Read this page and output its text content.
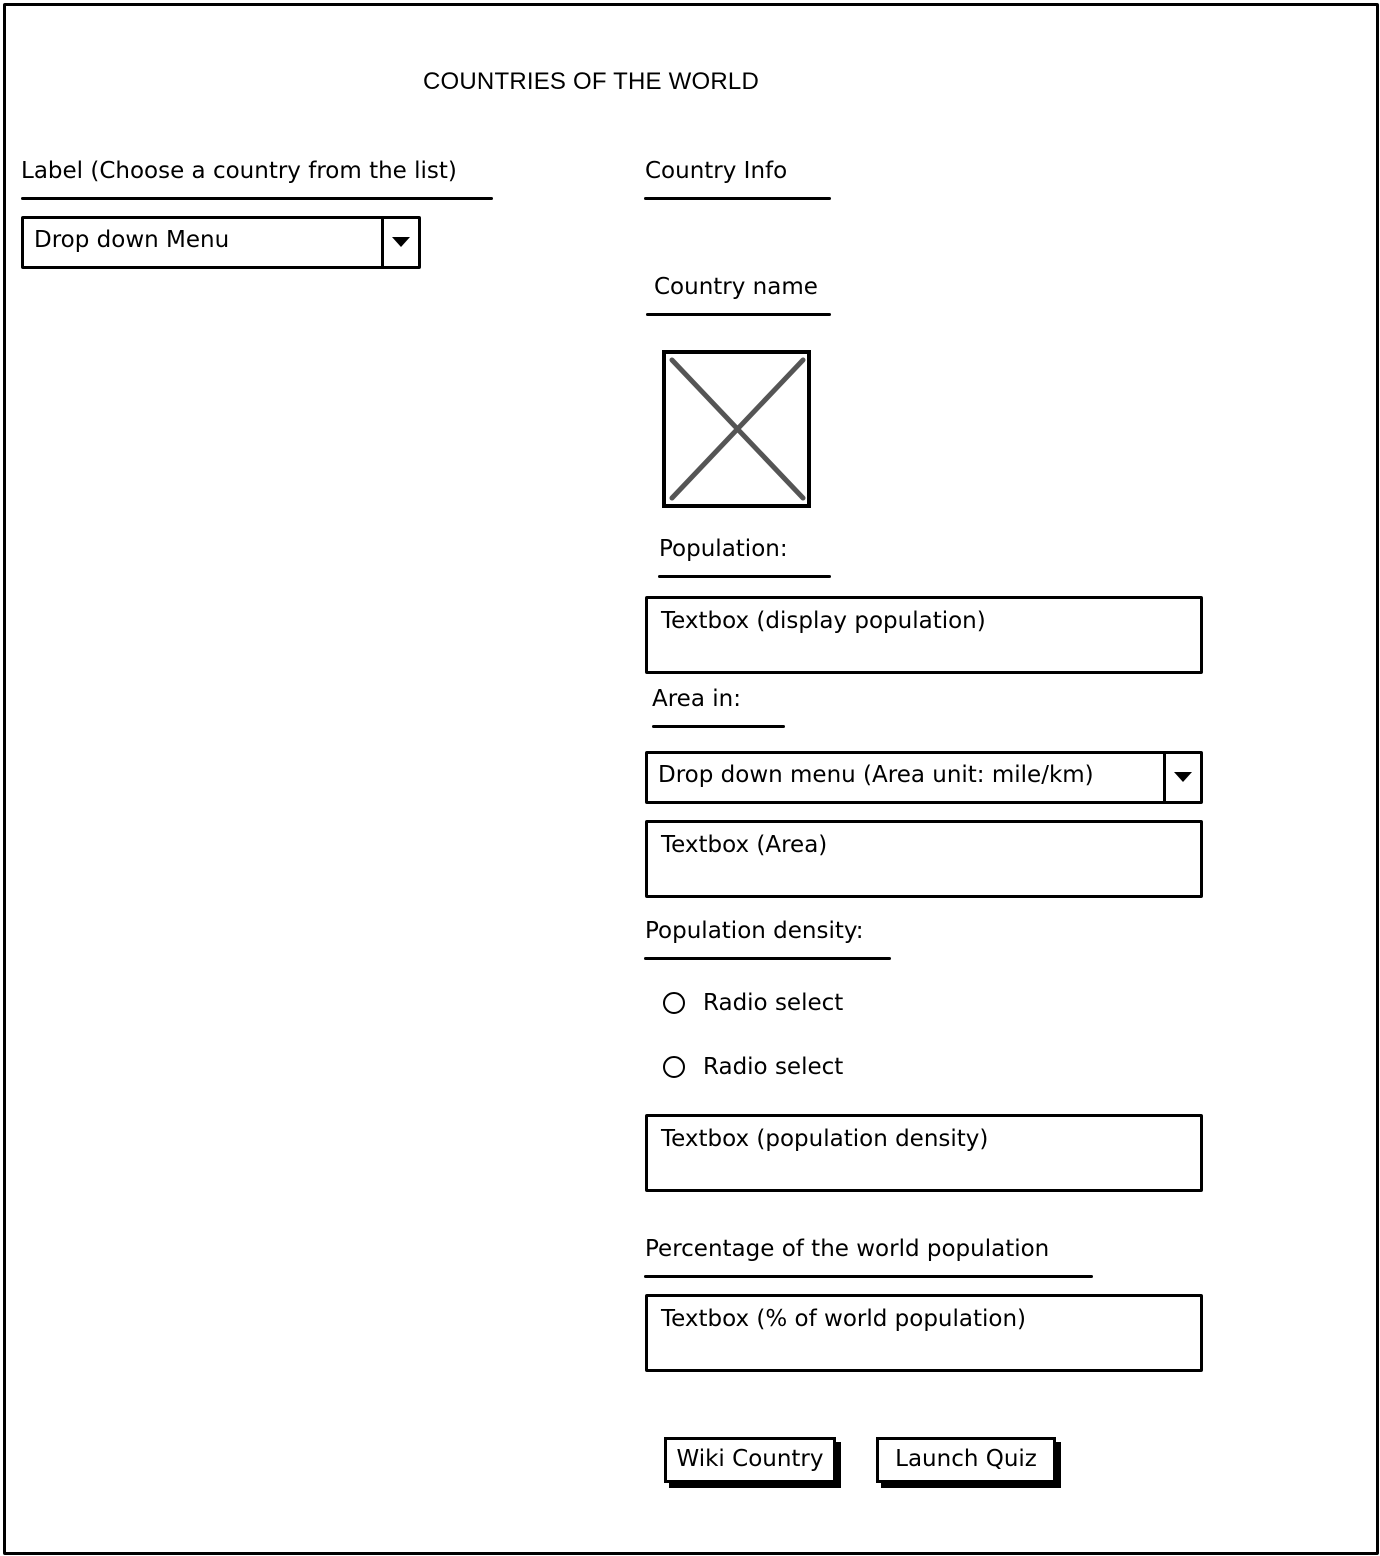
COUNTRIES OF THE WORLD
Label (Choose a country from the list)
Drop down Menu
Country Info
Country name
Population:
Textbox (display population)
Area in:
Drop down menu (Area unit: mile/km)
Textbox (Area)
Population density:
Radio select
Radio select
Textbox (population density)
Percentage of the world population
Textbox (% of world population)
Wiki Country	Launch Quiz
